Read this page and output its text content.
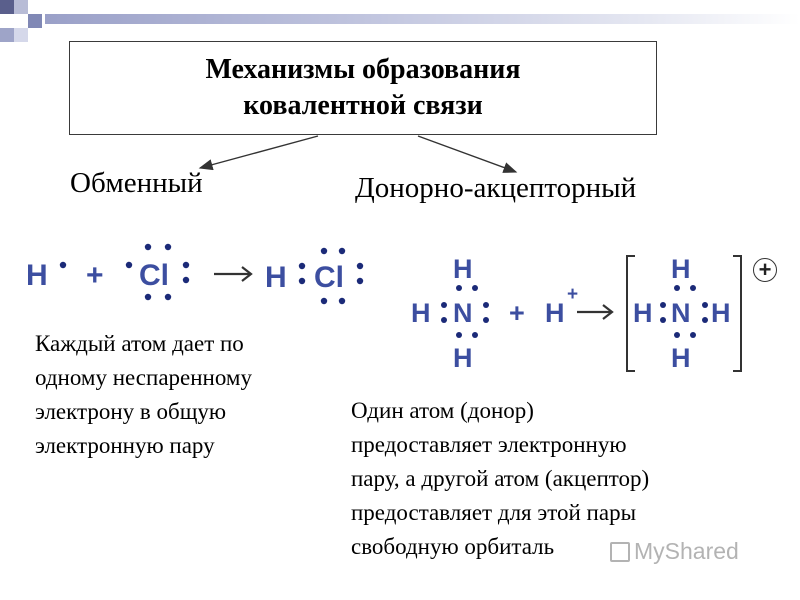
Механизмы образования
ковалентной связи
Обменный	Донорно-акцепторный
H + Cl	H Cl	H
H N
H
+ H
+
H
H N H
H
+
Каждый атом дает по
одному неспаренному
электрону в общую
электронную пару
Один атом (донор)
предоставляет электронную
пару, а другой атом (акцептор)
предоставляет для этой пары
свободную орбиталь	MyShared
